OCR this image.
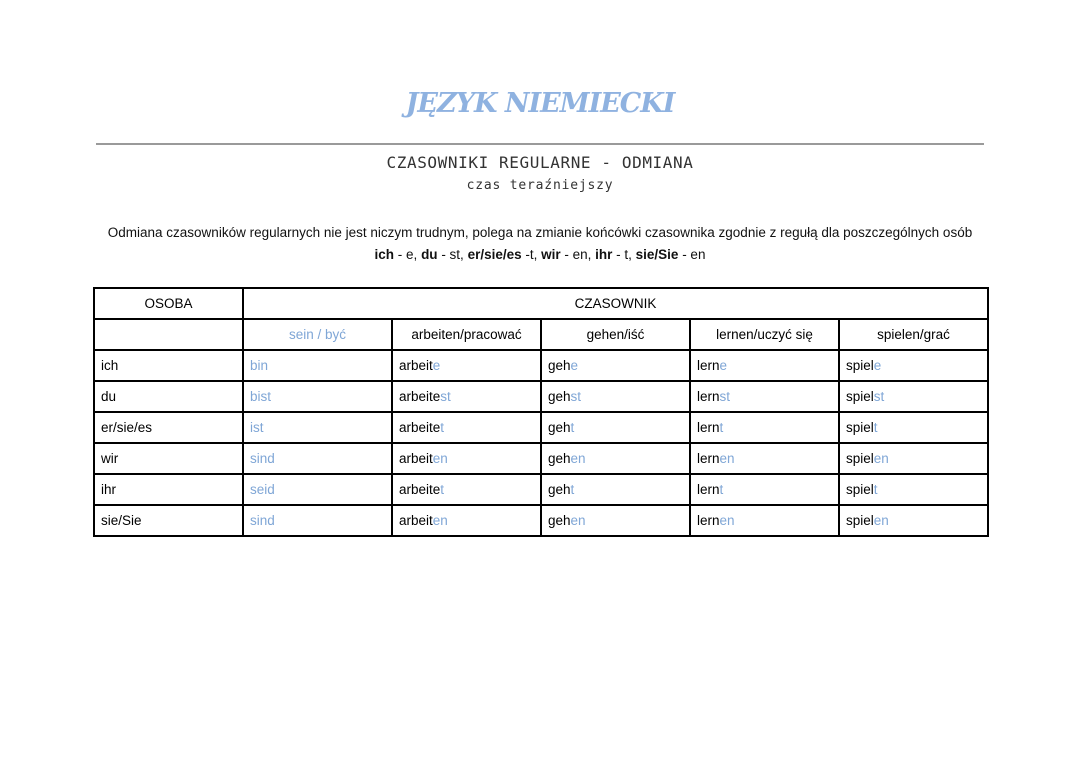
JĘZYK NIEMIECKI
CZASOWNIKI REGULARNE - ODMIANA
czas teraźniejszy
Odmiana czasowników regularnych nie jest niczym trudnym, polega na zmianie końcówki czasownika zgodnie z regułą dla poszczególnych osób
ich - e, du - st, er/sie/es -t, wir - en, ihr - t, sie/Sie - en
OSOBA	CZASOWNIK				
	sein / być	arbeiten/pracować	gehen/iść	lernen/uczyć się	spielen/grać
ich	bin	arbeite	gehe	lerne	spiele
du	bist	arbeitest	gehst	lernst	spielst
er/sie/es	ist	arbeitet	geht	lernt	spielt
wir	sind	arbeiten	gehen	lernen	spielen
ihr	seid	arbeitet	geht	lernt	spielt
sie/Sie	sind	arbeiten	gehen	lernen	spielen
